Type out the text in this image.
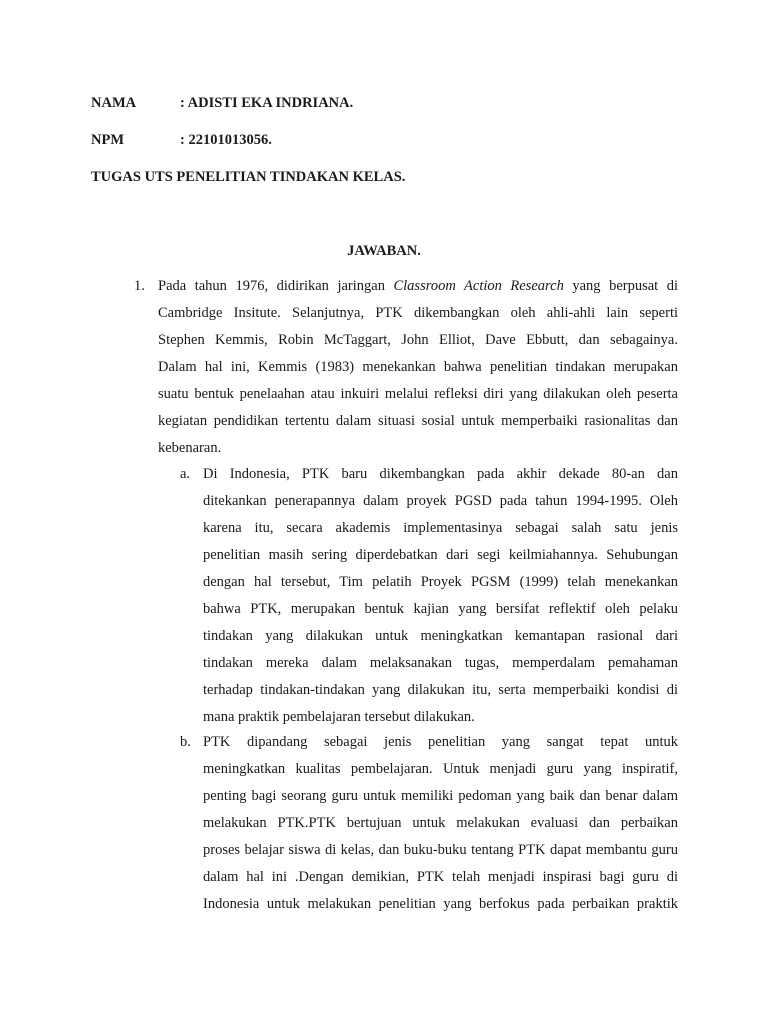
NAMA	: ADISTI EKA INDRIANA.
NPM	: 22101013056.
TUGAS UTS PENELITIAN TINDAKAN KELAS.
JAWABAN.
1. Pada tahun 1976, didirikan jaringan Classroom Action Research yang berpusat di
Cambridge Insitute. Selanjutnya, PTK dikembangkan oleh ahli-ahli lain seperti
Stephen Kemmis, Robin McTaggart, John Elliot, Dave Ebbutt, dan sebagainya.
Dalam hal ini, Kemmis (1983) menekankan bahwa penelitian tindakan merupakan
suatu bentuk penelaahan atau inkuiri melalui refleksi diri yang dilakukan oleh peserta
kegiatan pendidikan tertentu dalam situasi sosial untuk memperbaiki rasionalitas dan
kebenaran.
a. Di Indonesia, PTK baru dikembangkan pada akhir dekade 80-an dan
ditekankan penerapannya dalam proyek PGSD pada tahun 1994-1995. Oleh
karena itu, secara akademis implementasinya sebagai salah satu jenis
penelitian masih sering diperdebatkan dari segi keilmiahannya. Sehubungan
dengan hal tersebut, Tim pelatih Proyek PGSM (1999) telah menekankan
bahwa PTK, merupakan bentuk kajian yang bersifat reflektif oleh pelaku
tindakan yang dilakukan untuk meningkatkan kemantapan rasional dari
tindakan mereka dalam melaksanakan tugas, memperdalam pemahaman
terhadap tindakan-tindakan yang dilakukan itu, serta memperbaiki kondisi di
mana praktik pembelajaran tersebut dilakukan.
b. PTK dipandang sebagai jenis penelitian yang sangat tepat untuk
meningkatkan kualitas pembelajaran. Untuk menjadi guru yang inspiratif,
penting bagi seorang guru untuk memiliki pedoman yang baik dan benar dalam
melakukan PTK.PTK bertujuan untuk melakukan evaluasi dan perbaikan
proses belajar siswa di kelas, dan buku-buku tentang PTK dapat membantu guru
dalam hal ini .Dengan demikian, PTK telah menjadi inspirasi bagi guru di
Indonesia untuk melakukan penelitian yang berfokus pada perbaikan praktik
